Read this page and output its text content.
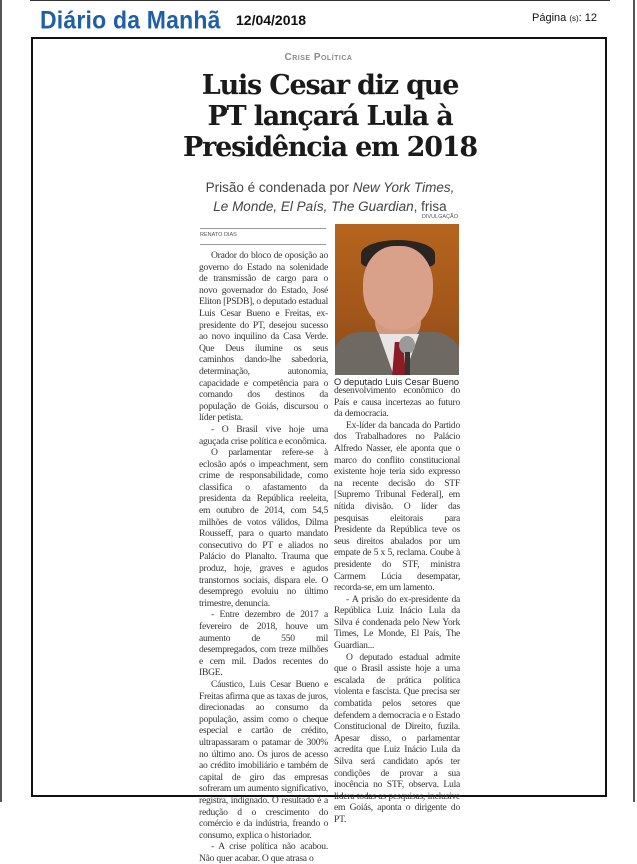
Diário da Manhã 12/04/2018	Página (s): 12
Crise Política
Luis Cesar diz que PT lançará Lula à Presidência em 2018
Prisão é condenada por New York Times,
Le Monde, El País, The Guardian, frisa
DIVULGAÇÃO
RENATO DIAS
O deputado Luis Cesar Bueno

Orador do bloco de oposição ao governo do Estado na solenidade de transmissão de cargo para o novo governador do Estado, José Eliton [PSDB], o deputado estadual Luis Cesar Bueno e Freitas, ex-presidente do PT, desejou sucesso ao novo inquilino da Casa Verde. Que Deus ilumine os seus caminhos dando-lhe sabedoria, determinação, autonomia, capacidade e competência para o comando dos destinos da população de Goiás, discursou o líder petista.

- O Brasil vive hoje uma aguçada crise política e econômica.

O parlamentar refere-se à eclosão após o impeachment, sem crime de responsabilidade, como classifica o afastamento da presidenta da República reeleita, em outubro de 2014, com 54,5 milhões de votos válidos, Dilma Rousseff, para o quarto mandato consecutivo do PT e aliados no Palácio do Planalto. Trauma que produz, hoje, graves e agudos transtornos sociais, dispara ele. O desemprego evoluiu no último trimestre, denuncia.

- Entre dezembro de 2017 a fevereiro de 2018, houve um aumento de 550 mil desempregados, com treze milhões e cem mil. Dados recentes do IBGE.

Cáustico, Luis Cesar Bueno e Freitas afirma que as taxas de juros, direcionadas ao consumo da população, assim como o cheque especial e cartão de crédito, ultrapassaram o patamar de 300% no último ano. Os juros de acesso ao crédito imobiliário e também de capital de giro das empresas sofreram um aumento significativo, registra, indignado. O resultado é a redução d o crescimento do comércio e da indústria, freando o consumo, explica o historiador.

- A crise política não acabou. Não quer acabar. O que atrasa o

desenvolvimento econômico do País e causa incertezas ao futuro da democracia.

Ex-líder da bancada do Partido dos Trabalhadores no Palácio Alfredo Nasser, ele aponta que o marco do conflito constitucional existente hoje teria sido expresso na recente decisão do STF [Supremo Tribunal Federal], em nítida divisão. O líder das pesquisas eleitorais para Presidente da República teve os seus direitos abalados por um empate de 5 x 5, reclama. Coube à presidente do STF, ministra Carmem Lúcia desempatar, recorda-se, em um lamento.

- A prisão do ex-presidente da República Luiz Inácio Lula da Silva é condenada pelo New York Times, Le Monde, El País, The Guardian...

O deputado estadual admite que o Brasil assiste hoje a uma escalada de prática política violenta e fascista. Que precisa ser combatida pelos setores que defendem a democracia e o Estado Constitucional de Direito, fuzila. Apesar disso, o parlamentar acredita que Luiz Inácio Lula da Silva será candidato após ter condições de provar a sua inocência no STF, observa. Lula lidera todas as pesquisas, inclusive em Goiás, aponta o dirigente do PT.
